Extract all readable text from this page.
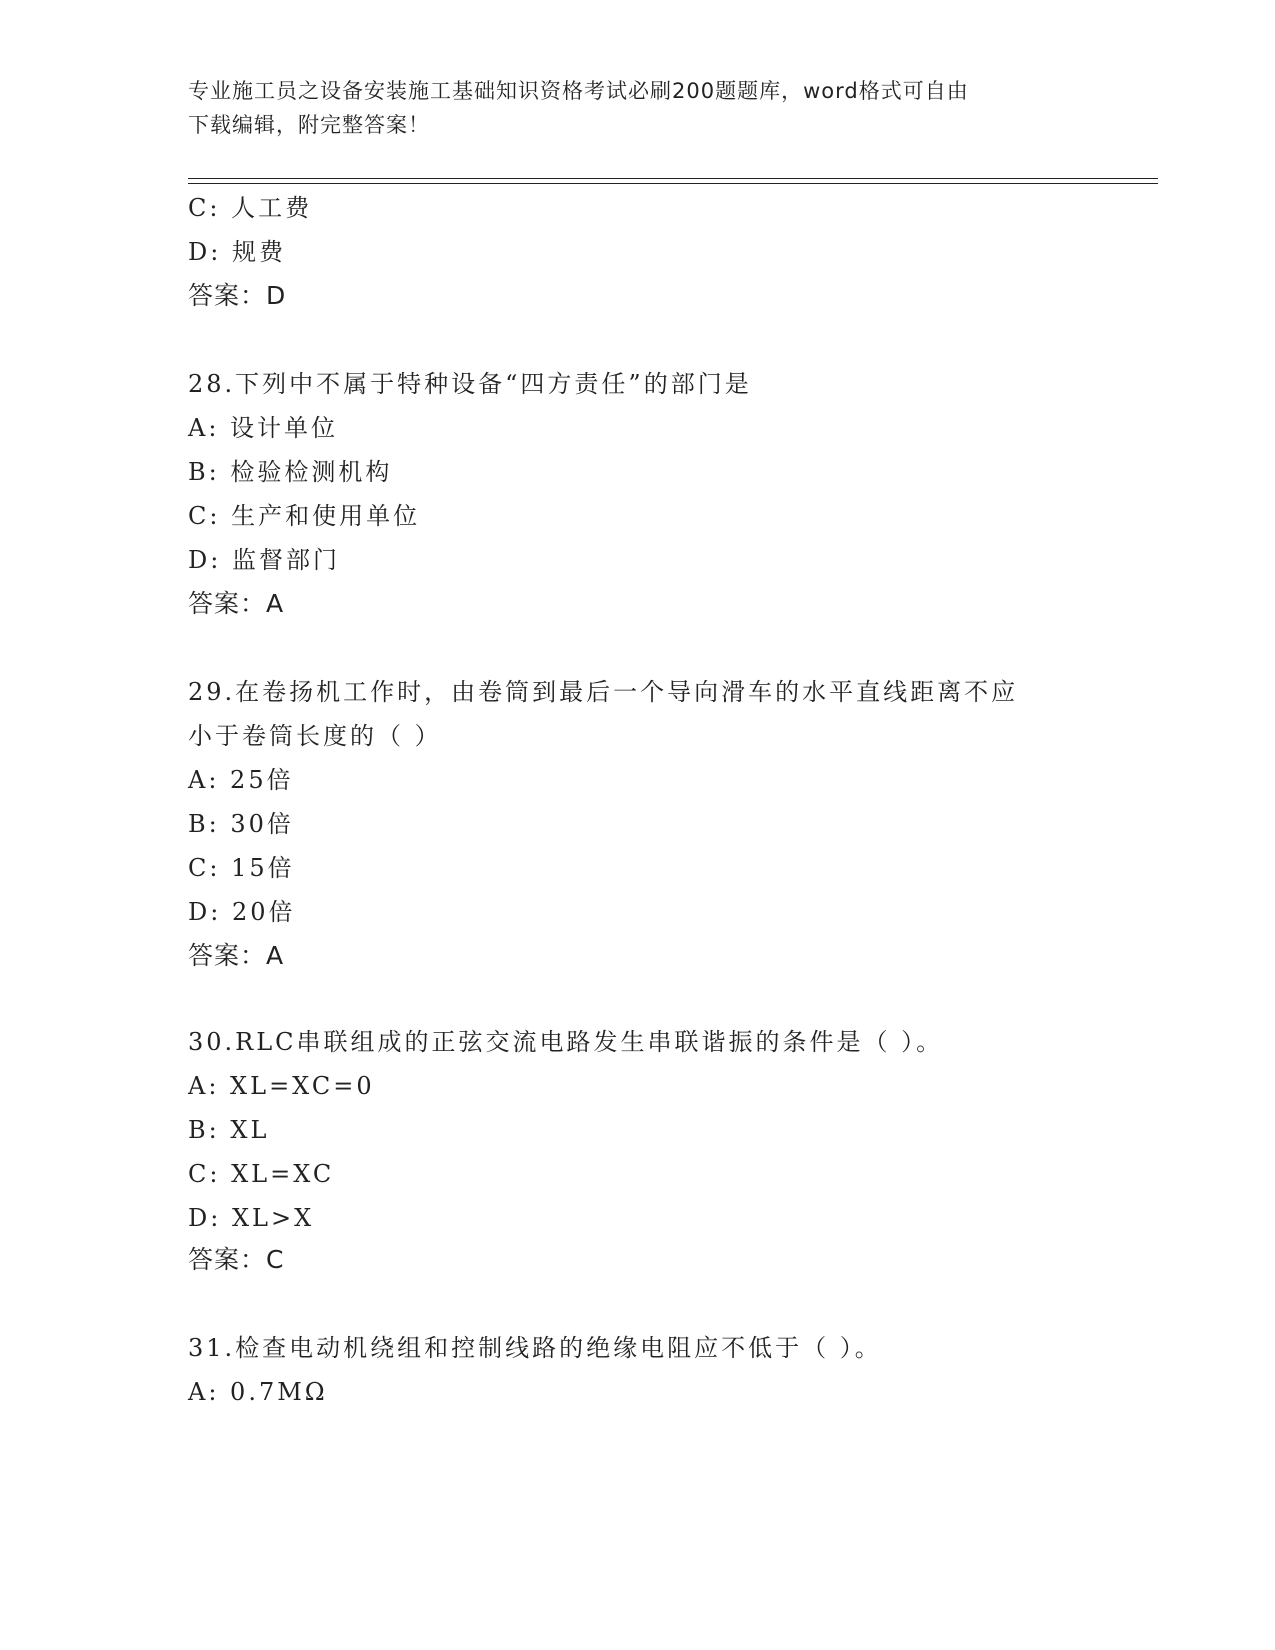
专业施工员之设备安装施工基础知识资格考试必刷200题题库，word格式可自由
下载编辑，附完整答案！
C: 人工费
D: 规费
答案：D
28.下列中不属于特种设备“四方责任”的部门是
A: 设计单位
B: 检验检测机构
C: 生产和使用单位
D: 监督部门
答案：A
29.在卷扬机工作时，由卷筒到最后一个导向滑车的水平直线距离不应
小于卷筒长度的（ ）
A: 25倍
B: 30倍
C: 15倍
D: 20倍
答案：A
30.RLC串联组成的正弦交流电路发生串联谐振的条件是（ ）。
A: XL=XC=0
B: XL
C: XL=XC
D: XL>X
答案：C
31.检查电动机绕组和控制线路的绝缘电阻应不低于（ ）。
A: 0.7MΩ
